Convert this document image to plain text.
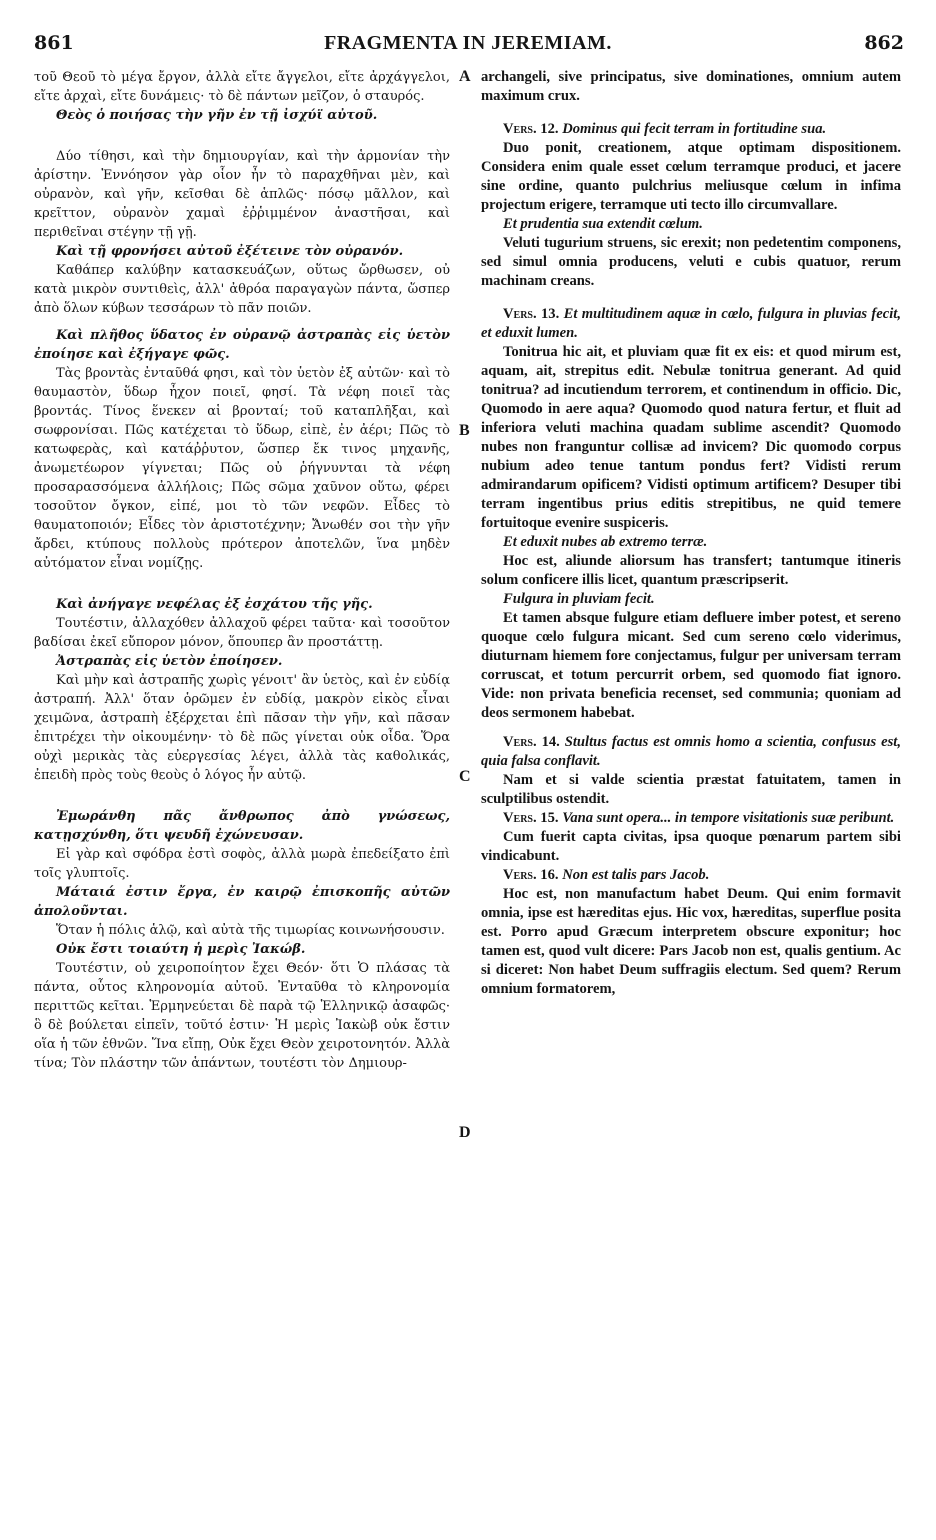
861	FRAGMENTA IN JEREMIAM.	862

τοῦ Θεοῦ τὸ μέγα ἔργον, ἀλλὰ εἴτε ἄγγελοι, εἴτε ἀρχάγγελοι, εἴτε ἀρχαὶ, εἴτε δυνάμεις· τὸ δὲ πάντων μεῖζον, ὁ σταυρός.

Θεὸς ὁ ποιήσας τὴν γῆν ἐν τῇ ἰσχύϊ αὐτοῦ.

Δύο τίθησι, καὶ τὴν δημιουργίαν, καὶ τὴν ἁρμονίαν τὴν ἀρίστην. Ἐννόησον γὰρ οἷον ἦν τὸ παραχθῆναι μὲν, καὶ οὐρανὸν, καὶ γῆν, κεῖσθαι δὲ ἁπλῶς· πόσῳ μᾶλλον, καὶ κρεῖττον, οὐρανὸν χαμαὶ ἐῤῥιμμένον ἀναστῆσαι, καὶ περιθεῖναι στέγην τῇ γῇ.

Καὶ τῇ φρονήσει αὐτοῦ ἐξέτεινε τὸν οὐρανόν.

Καθάπερ καλύβην κατασκευάζων, οὕτως ὤρθωσεν, οὐ κατὰ μικρὸν συντιθεὶς, ἀλλ' ἀθρόα παραγαγὼν πάντα, ὥσπερ ἀπὸ ὅλων κύβων τεσσάρων τὸ πᾶν ποιῶν.

Καὶ πλῆθος ὕδατος ἐν οὐρανῷ ἀστραπὰς εἰς ὑετὸν ἐποίησε καὶ ἐξήγαγε φῶς.

Τὰς βροντὰς ἐνταῦθά φησι, καὶ τὸν ὑετὸν ἐξ αὐτῶν· καὶ τὸ θαυμαστὸν, ὕδωρ ἦχον ποιεῖ, φησί. Τὰ νέφη ποιεῖ τὰς βροντάς. Τίνος ἕνεκεν αἱ βρονταί; τοῦ καταπλῆξαι, καὶ σωφρονίσαι. Πῶς κατέχεται τὸ ὕδωρ, εἰπὲ, ἐν ἀέρι; Πῶς τὸ κατωφερὰς, καὶ κατάῤῥυτον, ὥσπερ ἔκ τινος μηχανῆς, ἀνωμετέωρον γίγνεται; Πῶς οὐ ῥήγνυνται τὰ νέφη προσαρασσόμενα ἀλλήλοις; Πῶς σῶμα χαῦνον οὕτω, φέρει τοσοῦτον ὄγκον, εἰπέ, μοι τὸ τῶν νεφῶν. Εἶδες τὸ θαυματοποιόν; Εἶδες τὸν ἀριστοτέχνην; Ἄνωθέν σοι τὴν γῆν ἄρδει, κτύπους πολλοὺς πρότερον ἀποτελῶν, ἵνα μηδὲν αὐτόματον εἶναι νομίζῃς.

Καὶ ἀνήγαγε νεφέλας ἐξ ἐσχάτου τῆς γῆς.

Τουτέστιν, ἀλλαχόθεν ἀλλαχοῦ φέρει ταῦτα· καὶ τοσοῦτον βαδίσαι ἐκεῖ εὔπορον μόνον, ὅπουπερ ἂν προστάττῃ.

Ἀστραπὰς εἰς ὑετὸν ἐποίησεν.

Καὶ μὴν καὶ ἀστραπῆς χωρὶς γένοιτ' ἂν ὑετὸς, καὶ ἐν εὐδίᾳ ἀστραπή. Ἀλλ' ὅταν ὁρῶμεν ἐν εὐδίᾳ, μακρὸν εἰκὸς εἶναι χειμῶνα, ἀστραπὴ ἐξέρχεται ἐπὶ πᾶσαν τὴν γῆν, καὶ πᾶσαν ἐπιτρέχει τὴν οἰκουμένην· τὸ δὲ πῶς γίνεται οὐκ οἶδα. Ὅρα οὐχὶ μερικὰς τὰς εὐεργεσίας λέγει, ἀλλὰ τὰς καθολικάς, ἐπειδὴ πρὸς τοὺς θεοὺς ὁ λόγος ἦν αὐτῷ.

Ἐμωράνθη πᾶς ἄνθρωπος ἀπὸ γνώσεως, κατῃσχύνθη, ὅτι ψευδῆ ἐχώνευσαν.

Εἰ γὰρ καὶ σφόδρα ἐστὶ σοφὸς, ἀλλὰ μωρὰ ἐπεδείξατο ἐπὶ τοῖς γλυπτοῖς.

Μάταιά ἐστιν ἔργα, ἐν καιρῷ ἐπισκοπῆς αὐτῶν ἀπολοῦνται.

Ὅταν ἡ πόλις ἁλῷ, καὶ αὐτὰ τῆς τιμωρίας κοινωνήσουσιν.

Οὐκ ἔστι τοιαύτη ἡ μερὶς Ἰακώβ.

Τουτέστιν, οὐ χειροποίητον ἔχει Θεόν· ὅτι Ὁ πλάσας τὰ πάντα, οὗτος κληρονομία αὐτοῦ. Ἐνταῦθα τὸ κληρονομία περιττῶς κεῖται. Ἑρμηνεύεται δὲ παρὰ τῷ Ἑλληνικῷ ἀσαφῶς· ὃ δὲ βούλεται εἰπεῖν, τοῦτό ἐστιν· Ἡ μερὶς Ἰακὼβ οὐκ ἔστιν οἵα ἡ τῶν ἐθνῶν. Ἵνα εἴπῃ, Οὐκ ἔχει Θεὸν χειροτονητόν. Ἀλλὰ τίνα; Τὸν πλάστην τῶν ἁπάντων, τουτέστι τὸν Δημιουρ-

archangeli, sive principatus, sive dominationes, omnium autem maximum crux.

Vers. 12. Dominus qui fecit terram in fortitudine sua.

Duo ponit, creationem, atque optimam dispositionem. Considera enim quale esset cœlum terramque produci, et jacere sine ordine, quanto pulchrius meliusque cœlum in infima projectum erigere, terramque uti tecto illo circumvallare.

Et prudentia sua extendit cœlum.

Veluti tugurium struens, sic erexit; non pedetentim componens, sed simul omnia producens, veluti e cubis quatuor, rerum machinam creans.

Vers. 13. Et multitudinem aquæ in cœlo, fulgura in pluvias fecit, et eduxit lumen.

Tonitrua hic ait, et pluviam quæ fit ex eis: et quod mirum est, aquam, ait, strepitus edit. Nebulæ tonitrua generant. Ad quid tonitrua? ad incutiendum terrorem, et continendum in officio. Dic, Quomodo in aere aqua? Quomodo quod natura fertur, et fluit ad inferiora veluti machina quadam sublime ascendit? Quomodo nubes non franguntur collisæ ad invicem? Dic quomodo corpus nubium adeo tenue tantum pondus fert? Vidisti rerum admirandarum opificem? Vidisti optimum artificem? Desuper tibi terram ingentibus prius editis strepitibus, ne quid temere fortuitoque evenire suspiceris.

Et eduxit nubes ab extremo terræ.

Hoc est, aliunde aliorsum has transfert; tantumque itineris solum conficere illis licet, quantum præscripserit.

Fulgura in pluviam fecit.

Et tamen absque fulgure etiam defluere imber potest, et sereno quoque cœlo fulgura micant. Sed cum sereno cœlo viderimus, diuturnam hiemem fore conjectamus, fulgur per universam terram corruscat, et totum percurrit orbem, sed quomodo fiat ignoro. Vide: non privata beneficia recenset, sed communia; quoniam ad deos sermonem habebat.

Vers. 14. Stultus factus est omnis homo a scientia, confusus est, quia falsa conflavit.

Nam et si valde scientia præstat fatuitatem, tamen in sculptilibus ostendit.

Vers. 15. Vana sunt opera... in tempore visitationis suæ peribunt.

Cum fuerit capta civitas, ipsa quoque pœnarum partem sibi vindicabunt.

Vers. 16. Non est talis pars Jacob.

Hoc est, non manufactum habet Deum. Qui enim formavit omnia, ipse est hæreditas ejus. Hic vox, hæreditas, superflue posita est. Porro apud Græcum interpretem obscure exponitur; hoc tamen est, quod vult dicere: Pars Jacob non est, qualis gentium. Ac si diceret: Non habet Deum suffragiis electum. Sed quem? Rerum omnium formatorem,

A
B
C
D
